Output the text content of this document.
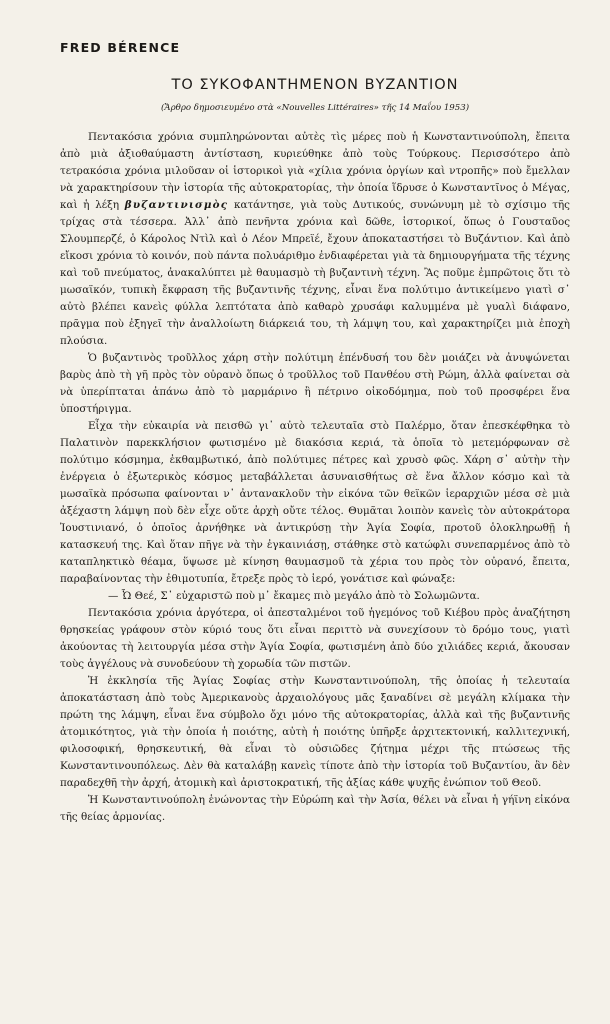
FRED BÉRENCE
ΤΟ ΣΥΚΟΦΑΝΤΗΜΕΝΟΝ ΒΥΖΑΝΤΙΟΝ
(Ἄρθρο δημοσιευμένο στὰ «Nouvelles Littéraires» τῆς 14 Μαΐου 1953)

Πεντακόσια χρόνια συμπληρώνονται αὐτὲς τὶς μέρες ποὺ ἡ Κωνσταντινούπολη, ἔπειτα ἀπὸ μιὰ ἀξιοθαύμαστη ἀντίσταση, κυριεύθηκε ἀπὸ τοὺς Τούρκους. Περισσότερο ἀπὸ τετρακόσια χρόνια μιλοῦσαν οἱ ἱστορικοὶ γιὰ «χίλια χρόνια ὀργίων καὶ ντροπῆς» ποὺ ἔμελλαν νὰ χαρακτηρίσουν τὴν ἱστορία τῆς αὐτοκρατορίας, τὴν ὁποία ἵδρυσε ὁ Κωνσταντῖνος ὁ Μέγας, καὶ ἡ λέξη βυζαντινισμὸς κατάντησε, γιὰ τοὺς Δυτικούς, συνώνυμη μὲ τὸ σχίσιμο τῆς τρίχας στὰ τέσσερα. Ἀλλ᾽ ἀπὸ πενῆντα χρόνια καὶ δῶθε, ἱστορικοί, ὅπως ὁ Γουσταῦος Σλουμπερζέ, ὁ Κάρολος Ντὶλ καὶ ὁ Λέον Μπρεϊέ, ἔχουν ἀποκαταστήσει τὸ Βυζάντιον. Καὶ ἀπὸ εἴκοσι χρόνια τὸ κοινόν, ποὺ πάντα πολυάριθμο ἐνδιαφέρεται γιὰ τὰ δημιουργήματα τῆς τέχνης καὶ τοῦ πνεύματος, ἀνακαλύπτει μὲ θαυμασμὸ τὴ βυζαντινὴ τέχνη. Ἂς ποῦμε ἐμπρῶτοις ὅτι τὸ μωσαϊκόν, τυπικὴ ἔκφραση τῆς βυζαντινῆς τέχνης, εἶναι ἕνα πολύτιμο ἀντικείμενο γιατὶ σ᾽ αὐτὸ βλέπει κανεὶς φύλλα λεπτότατα ἀπὸ καθαρὸ χρυσάφι καλυμμένα μὲ γυαλὶ διάφανο, πρᾶγμα ποὺ ἐξηγεῖ τὴν ἀναλλοίωτη διάρκειά του, τὴ λάμψη του, καὶ χαρακτηρίζει μιὰ ἐποχὴ πλούσια.

Ὁ βυζαντινὸς τροῦλλος χάρη στὴν πολύτιμη ἐπένδυσή του δὲν μοιάζει νὰ ἀνυψώνεται βαρὺς ἀπὸ τὴ γῆ πρὸς τὸν οὐρανὸ ὅπως ὁ τροῦλλος τοῦ Πανθέου στὴ Ρώμη, ἀλλὰ φαίνεται σὰ νὰ ὑπερίπταται ἀπάνω ἀπὸ τὸ μαρμάρινο ἢ πέτρινο οἰκοδόμημα, ποὺ τοῦ προσφέρει ἕνα ὑποστήριγμα.

Εἶχα τὴν εὐκαιρία νὰ πεισθῶ γι᾽ αὐτὸ τελευταῖα στὸ Παλέρμο, ὅταν ἐπεσκέφθηκα τὸ Παλατινὸν παρεκκλήσιον φωτισμένο μὲ διακόσια κεριά, τὰ ὁποῖα τὸ μετεμόρφωναν σὲ πολύτιμο κόσμημα, ἐκθαμβωτικό, ἀπὸ πολύτιμες πέτρες καὶ χρυσὸ φῶς. Χάρη σ᾽ αὐτὴν τὴν ἐνέργεια ὁ ἐξωτερικὸς κόσμος μεταβάλλεται ἀσυναισθήτως σὲ ἕνα ἄλλον κόσμο καὶ τὰ μωσαϊκὰ πρόσωπα φαίνονται ν᾽ ἀντανακλοῦν τὴν εἰκόνα τῶν θεϊκῶν ἱεραρχιῶν μέσα σὲ μιὰ ἀξέχαστη λάμψη ποὺ δὲν εἶχε οὔτε ἀρχὴ οὔτε τέλος. Θυμᾶται λοιπὸν κανεὶς τὸν αὐτοκράτορα Ἰουστινιανό, ὁ ὁποῖος ἀρνήθηκε νὰ ἀντικρύσῃ τὴν Ἁγία Σοφία, προτοῦ ὁλοκληρωθῇ ἡ κατασκευή της. Καὶ ὅταν πῆγε νὰ τὴν ἐγκαινιάσῃ, στάθηκε στὸ κατώφλι συνεπαρμένος ἀπὸ τὸ καταπληκτικὸ θέαμα, ὕψωσε μὲ κίνηση θαυμασμοῦ τὰ χέρια του πρὸς τὸν οὐρανό, ἔπειτα, παραβαίνοντας τὴν ἐθιμοτυπία, ἔτρεξε πρὸς τὸ ἱερό, γονάτισε καὶ φώναξε:

— Ὦ Θεέ, Σ᾽ εὐχαριστῶ ποὺ μ᾽ ἔκαμες πιὸ μεγάλο ἀπὸ τὸ Σολωμῶντα.

Πεντακόσια χρόνια ἀργότερα, οἱ ἀπεσταλμένοι τοῦ ἡγεμόνος τοῦ Κιέβου πρὸς ἀναζήτηση θρησκείας γράφουν στὸν κύριό τους ὅτι εἶναι περιττὸ νὰ συνεχίσουν τὸ δρόμο τους, γιατὶ ἀκούοντας τὴ λειτουργία μέσα στὴν Ἁγία Σοφία, φωτισμένη ἀπὸ δύο χιλιάδες κεριά, ἄκουσαν τοὺς ἀγγέλους νὰ συνοδεύουν τὴ χορωδία τῶν πιστῶν.

Ἡ ἐκκλησία τῆς Ἁγίας Σοφίας στὴν Κωνσταντινούπολη, τῆς ὁποίας ἡ τελευταία ἀποκατάσταση ἀπὸ τοὺς Ἀμερικανοὺς ἀρχαιολόγους μᾶς ξαναδίνει σὲ μεγάλη κλίμακα τὴν πρώτη της λάμψη, εἶναι ἕνα σύμβολο ὄχι μόνο τῆς αὐτοκρατορίας, ἀλλὰ καὶ τῆς βυζαντινῆς ἀτομικότητος, γιὰ τὴν ὁποία ἡ ποιότης, αὐτὴ ἡ ποιότης ὑπῆρξε ἀρχιτεκτονική, καλλιτεχνική, φιλοσοφική, θρησκευτική, θὰ εἶναι τὸ οὐσιῶδες ζήτημα μέχρι τῆς πτώσεως τῆς Κωνσταντινουπόλεως. Δὲν θὰ καταλάβῃ κανεὶς τίποτε ἀπὸ τὴν ἱστορία τοῦ Βυζαντίου, ἂν δὲν παραδεχθῆ τὴν ἀρχή, ἀτομικὴ καὶ ἀριστοκρατική, τῆς ἀξίας κάθε ψυχῆς ἐνώπιον τοῦ Θεοῦ.

Ἡ Κωνσταντινούπολη ἑνώνοντας τὴν Εὐρώπη καὶ τὴν Ἀσία, θέλει νὰ εἶναι ἡ γήϊνη εἰκόνα τῆς θείας ἁρμονίας.
